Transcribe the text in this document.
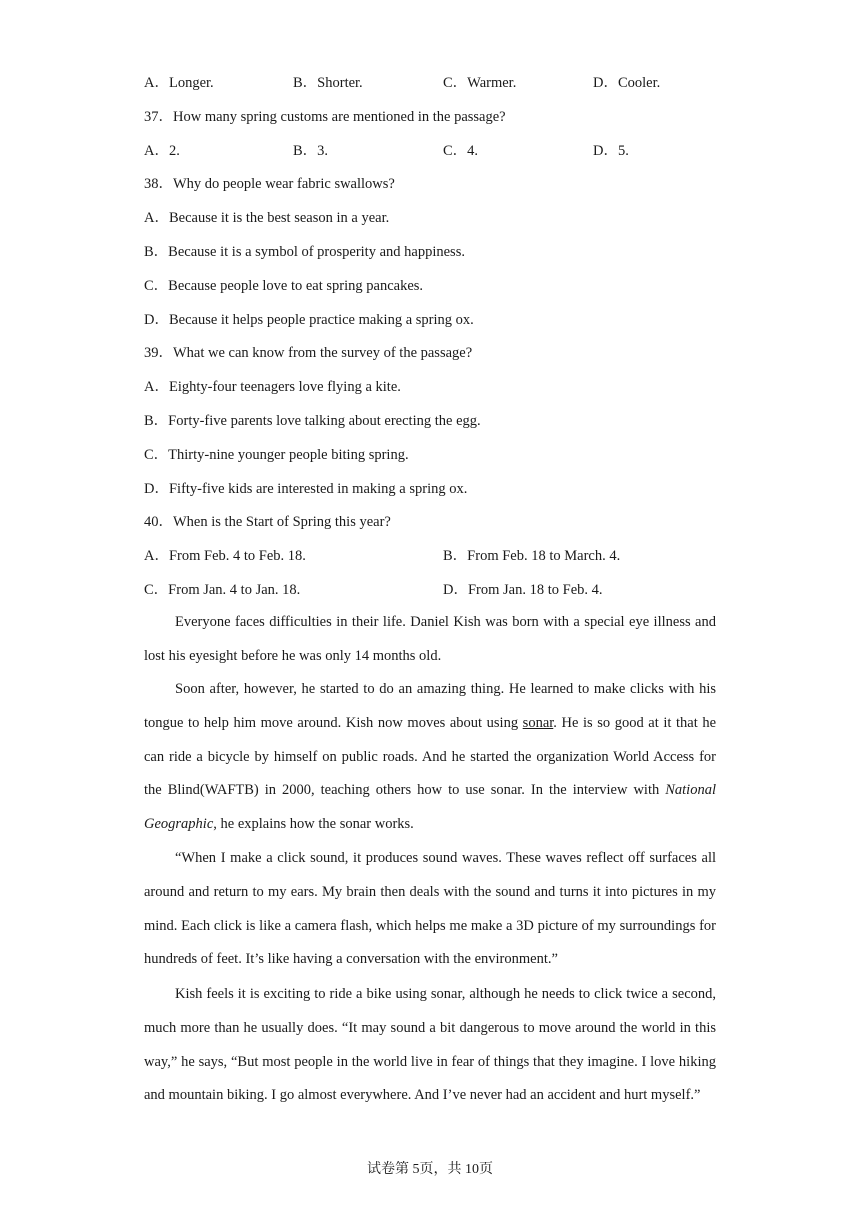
A．Longer.	B．Shorter.	C．Warmer.	D．Cooler.
37．How many spring customs are mentioned in the passage?
A．2.	B．3.	C．4.	D．5.
38．Why do people wear fabric swallows?
A．Because it is the best season in a year.
B．Because it is a symbol of prosperity and happiness.
C．Because people love to eat spring pancakes.
D．Because it helps people practice making a spring ox.
39．What we can know from the survey of the passage?
A．Eighty-four teenagers love flying a kite.
B．Forty-five parents love talking about erecting the egg.
C．Thirty-nine younger people biting spring.
D．Fifty-five kids are interested in making a spring ox.
40．When is the Start of Spring this year?
A．From Feb. 4 to Feb. 18.	B．From Feb. 18 to March. 4.
C．From Jan. 4 to Jan. 18.	D．From Jan. 18 to Feb. 4.

Everyone faces difficulties in their life. Daniel Kish was born with a special eye illness and lost his eyesight before he was only 14 months old.

Soon after, however, he started to do an amazing thing. He learned to make clicks with his tongue to help him move around. Kish now moves about using sonar. He is so good at it that he can ride a bicycle by himself on public roads. And he started the organization World Access for the Blind(WAFTB) in 2000, teaching others how to use sonar. In the interview with National Geographic, he explains how the sonar works.

“When I make a click sound, it produces sound waves. These waves reflect off surfaces all around and return to my ears. My brain then deals with the sound and turns it into pictures in my mind. Each click is like a camera flash, which helps me make a 3D picture of my surroundings for hundreds of feet. It’s like having a conversation with the environment.”

Kish feels it is exciting to ride a bike using sonar, although he needs to click twice a second, much more than he usually does. “It may sound a bit dangerous to move around the world in this way,” he says, “But most people in the world live in fear of things that they imagine. I love hiking and mountain biking. I go almost everywhere. And I’ve never had an accident and hurt myself.”

试卷第 5页，共 10页
